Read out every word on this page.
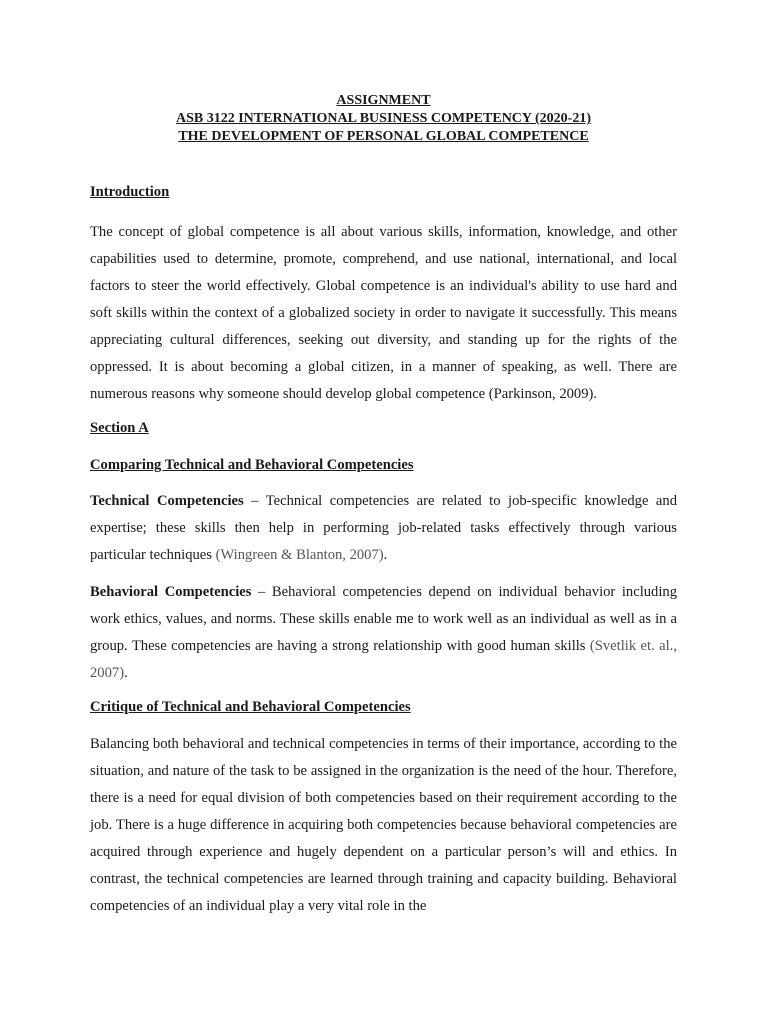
ASSIGNMENT
ASB 3122 INTERNATIONAL BUSINESS COMPETENCY (2020-21)
THE DEVELOPMENT OF PERSONAL GLOBAL COMPETENCE
Introduction

The concept of global competence is all about various skills, information, knowledge, and other capabilities used to determine, promote, comprehend, and use national, international, and local factors to steer the world effectively. Global competence is an individual's ability to use hard and soft skills within the context of a globalized society in order to navigate it successfully. This means appreciating cultural differences, seeking out diversity, and standing up for the rights of the oppressed. It is about becoming a global citizen, in a manner of speaking, as well. There are numerous reasons why someone should develop global competence (Parkinson, 2009).

Section A
Comparing Technical and Behavioral Competencies

Technical Competencies – Technical competencies are related to job-specific knowledge and expertise; these skills then help in performing job-related tasks effectively through various particular techniques (Wingreen & Blanton, 2007).

Behavioral Competencies – Behavioral competencies depend on individual behavior including work ethics, values, and norms. These skills enable me to work well as an individual as well as in a group. These competencies are having a strong relationship with good human skills (Svetlik et. al., 2007).

Critique of Technical and Behavioral Competencies

Balancing both behavioral and technical competencies in terms of their importance, according to the situation, and nature of the task to be assigned in the organization is the need of the hour. Therefore, there is a need for equal division of both competencies based on their requirement according to the job. There is a huge difference in acquiring both competencies because behavioral competencies are acquired through experience and hugely dependent on a particular person’s will and ethics. In contrast, the technical competencies are learned through training and capacity building. Behavioral competencies of an individual play a very vital role in the
